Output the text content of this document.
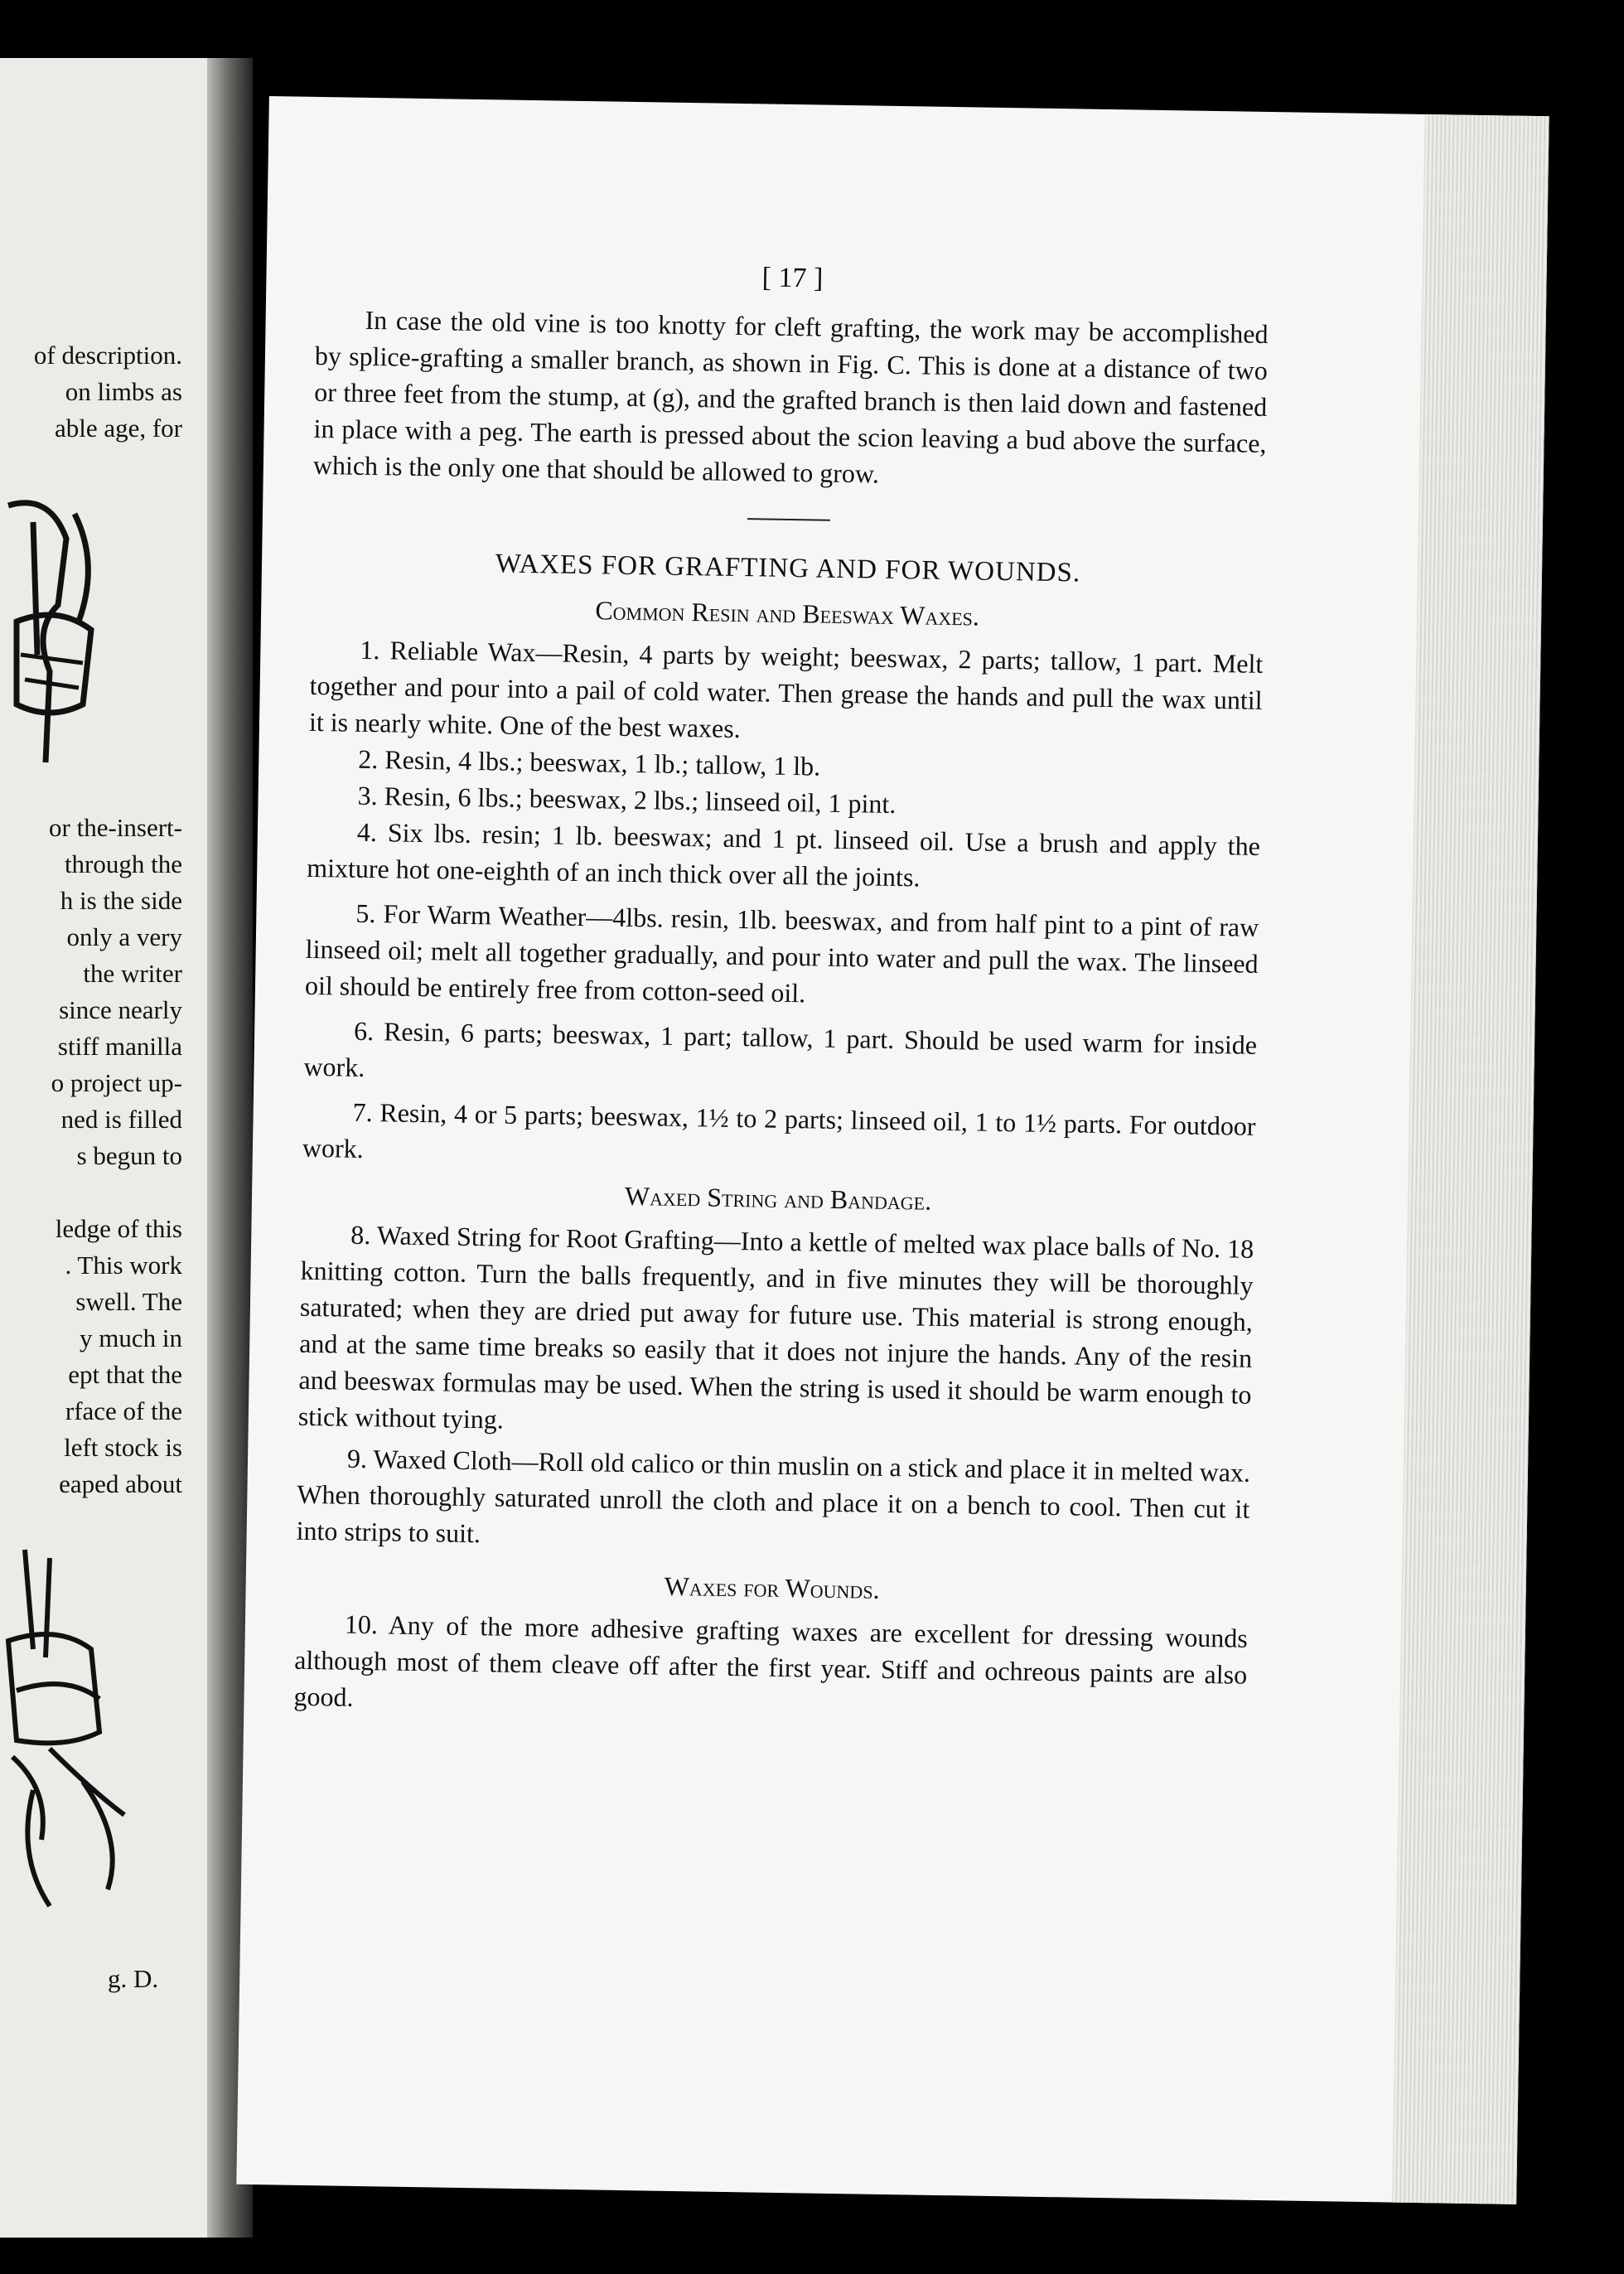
of description.
on limbs as
able age, for
or the-insert-
through the
h is the side
only a very
the writer
since nearly
stiff manilla
o project up-
ned is filled
s begun to
ledge of this
. This work
swell. The
y much in
ept that the
rface of the
left stock is
eaped about
g. D.
[ 17 ]

In case the old vine is too knotty for cleft grafting, the work may be accomplished by splice-grafting a smaller branch, as shown in Fig. C. This is done at a distance of two or three feet from the stump, at (g), and the grafted branch is then laid down and fastened in place with a peg. The earth is pressed about the scion leaving a bud above the surface, which is the only one that should be allowed to grow.

WAXES FOR GRAFTING AND FOR WOUNDS.
Common Resin and Beeswax Waxes.

1. Reliable Wax—Resin, 4 parts by weight; beeswax, 2 parts; tallow, 1 part. Melt together and pour into a pail of cold water. Then grease the hands and pull the wax until it is nearly white. One of the best waxes.

2. Resin, 4 lbs.; beeswax, 1 lb.; tallow, 1 lb.

3. Resin, 6 lbs.; beeswax, 2 lbs.; linseed oil, 1 pint.

4. Six lbs. resin; 1 lb. beeswax; and 1 pt. linseed oil. Use a brush and apply the mixture hot one-eighth of an inch thick over all the joints.

5. For Warm Weather—4lbs. resin, 1lb. beeswax, and from half pint to a pint of raw linseed oil; melt all together gradually, and pour into water and pull the wax. The linseed oil should be entirely free from cotton-seed oil.

6. Resin, 6 parts; beeswax, 1 part; tallow, 1 part. Should be used warm for inside work.

7. Resin, 4 or 5 parts; beeswax, 1½ to 2 parts; linseed oil, 1 to 1½ parts. For outdoor work.

Waxed String and Bandage.

8. Waxed String for Root Grafting—Into a kettle of melted wax place balls of No. 18 knitting cotton. Turn the balls frequently, and in five minutes they will be thoroughly saturated; when they are dried put away for future use. This material is strong enough, and at the same time breaks so easily that it does not injure the hands. Any of the resin and beeswax formulas may be used. When the string is used it should be warm enough to stick without tying.

9. Waxed Cloth—Roll old calico or thin muslin on a stick and place it in melted wax. When thoroughly saturated unroll the cloth and place it on a bench to cool. Then cut it into strips to suit.

Waxes for Wounds.

10. Any of the more adhesive grafting waxes are excellent for dressing wounds although most of them cleave off after the first year. Stiff and ochreous paints are also good.
